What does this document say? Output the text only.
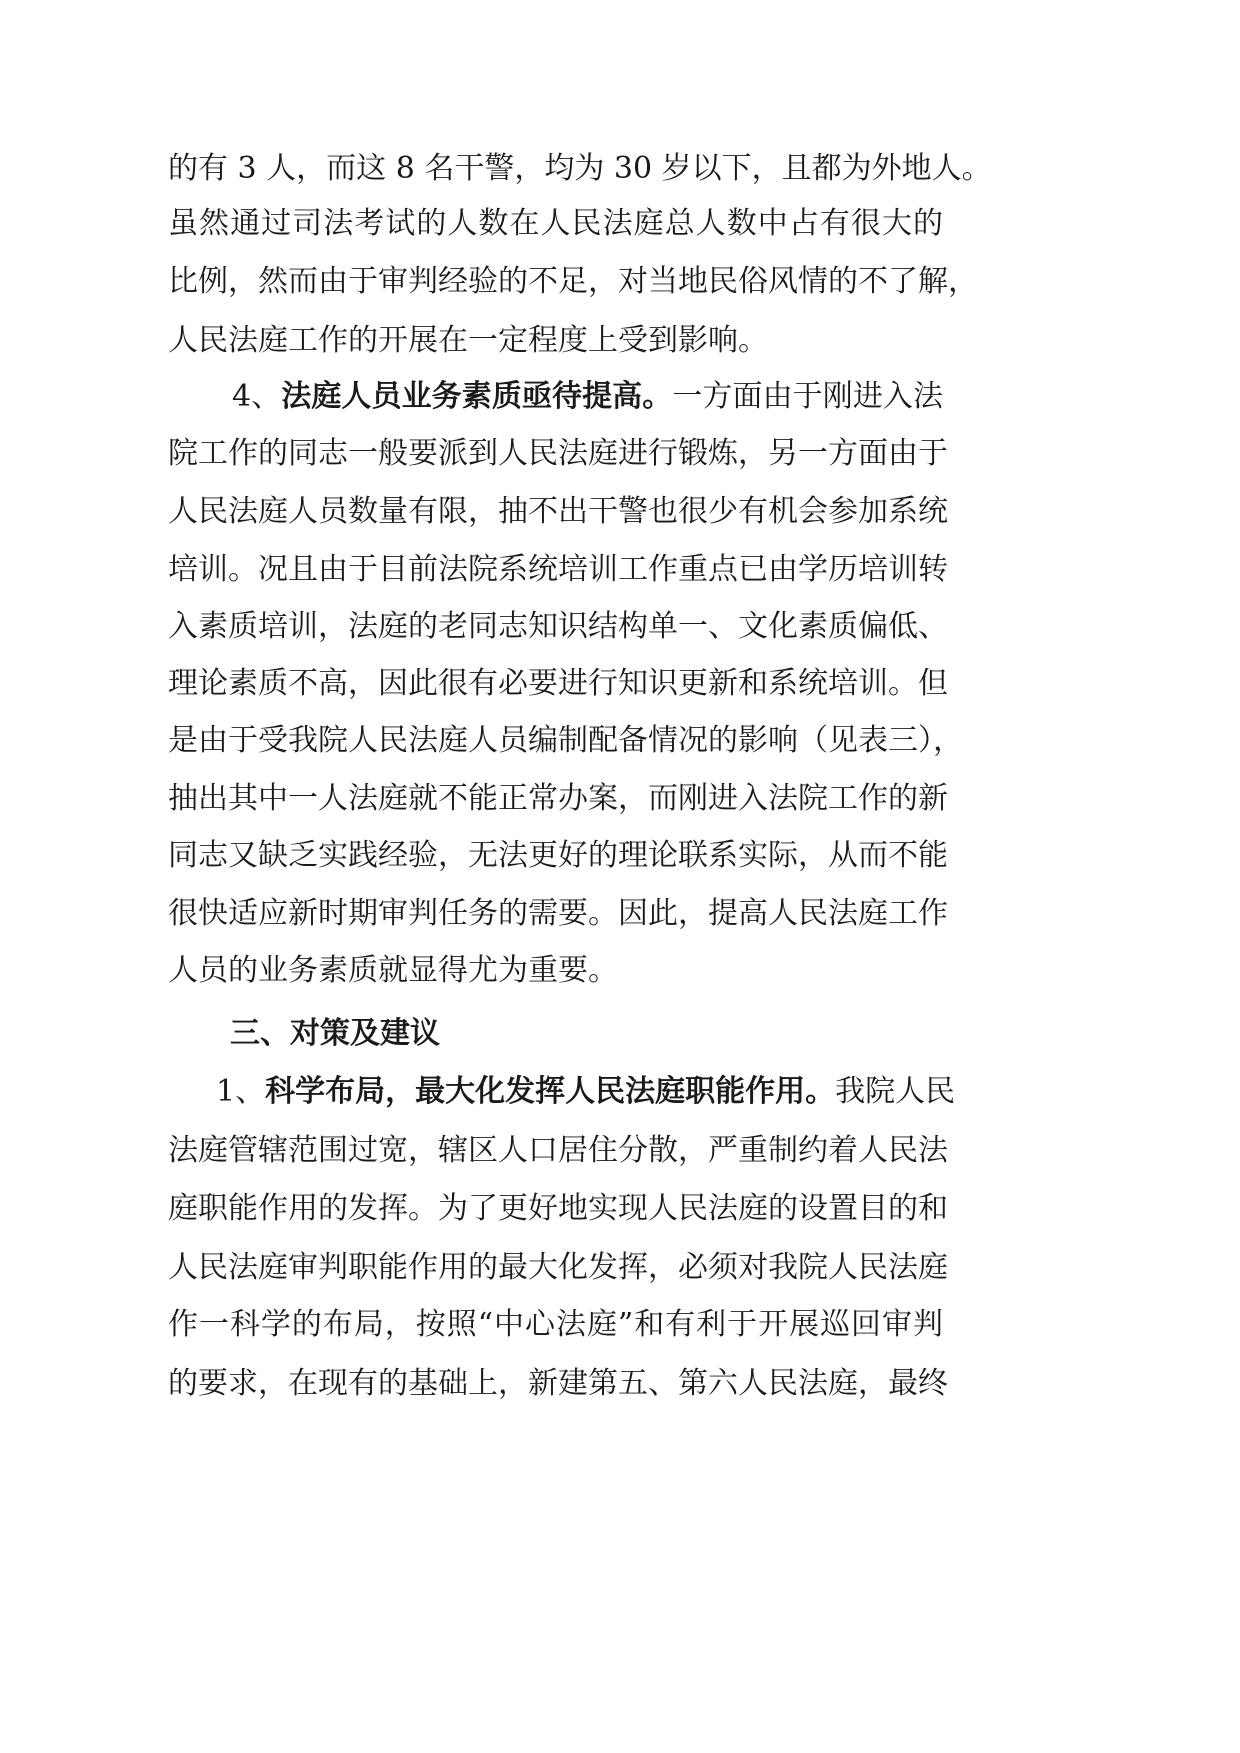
的有 3 人，而这 8 名干警，均为 30 岁以下，且都为外地人。
虽然通过司法考试的人数在人民法庭总人数中占有很大的
比例，然而由于审判经验的不足，对当地民俗风情的不了解，
人民法庭工作的开展在一定程度上受到影响。
4、法庭人员业务素质亟待提高。一方面由于刚进入法
院工作的同志一般要派到人民法庭进行锻炼，另一方面由于
人民法庭人员数量有限，抽不出干警也很少有机会参加系统
培训。况且由于目前法院系统培训工作重点已由学历培训转
入素质培训，法庭的老同志知识结构单一、文化素质偏低、
理论素质不高，因此很有必要进行知识更新和系统培训。但
是由于受我院人民法庭人员编制配备情况的影响（见表三），
抽出其中一人法庭就不能正常办案，而刚进入法院工作的新
同志又缺乏实践经验，无法更好的理论联系实际，从而不能
很快适应新时期审判任务的需要。因此，提高人民法庭工作
人员的业务素质就显得尤为重要。
三、对策及建议
1、科学布局，最大化发挥人民法庭职能作用。我院人民
法庭管辖范围过宽，辖区人口居住分散，严重制约着人民法
庭职能作用的发挥。为了更好地实现人民法庭的设置目的和
人民法庭审判职能作用的最大化发挥，必须对我院人民法庭
作一科学的布局，按照“中心法庭”和有利于开展巡回审判
的要求，在现有的基础上，新建第五、第六人民法庭，最终
